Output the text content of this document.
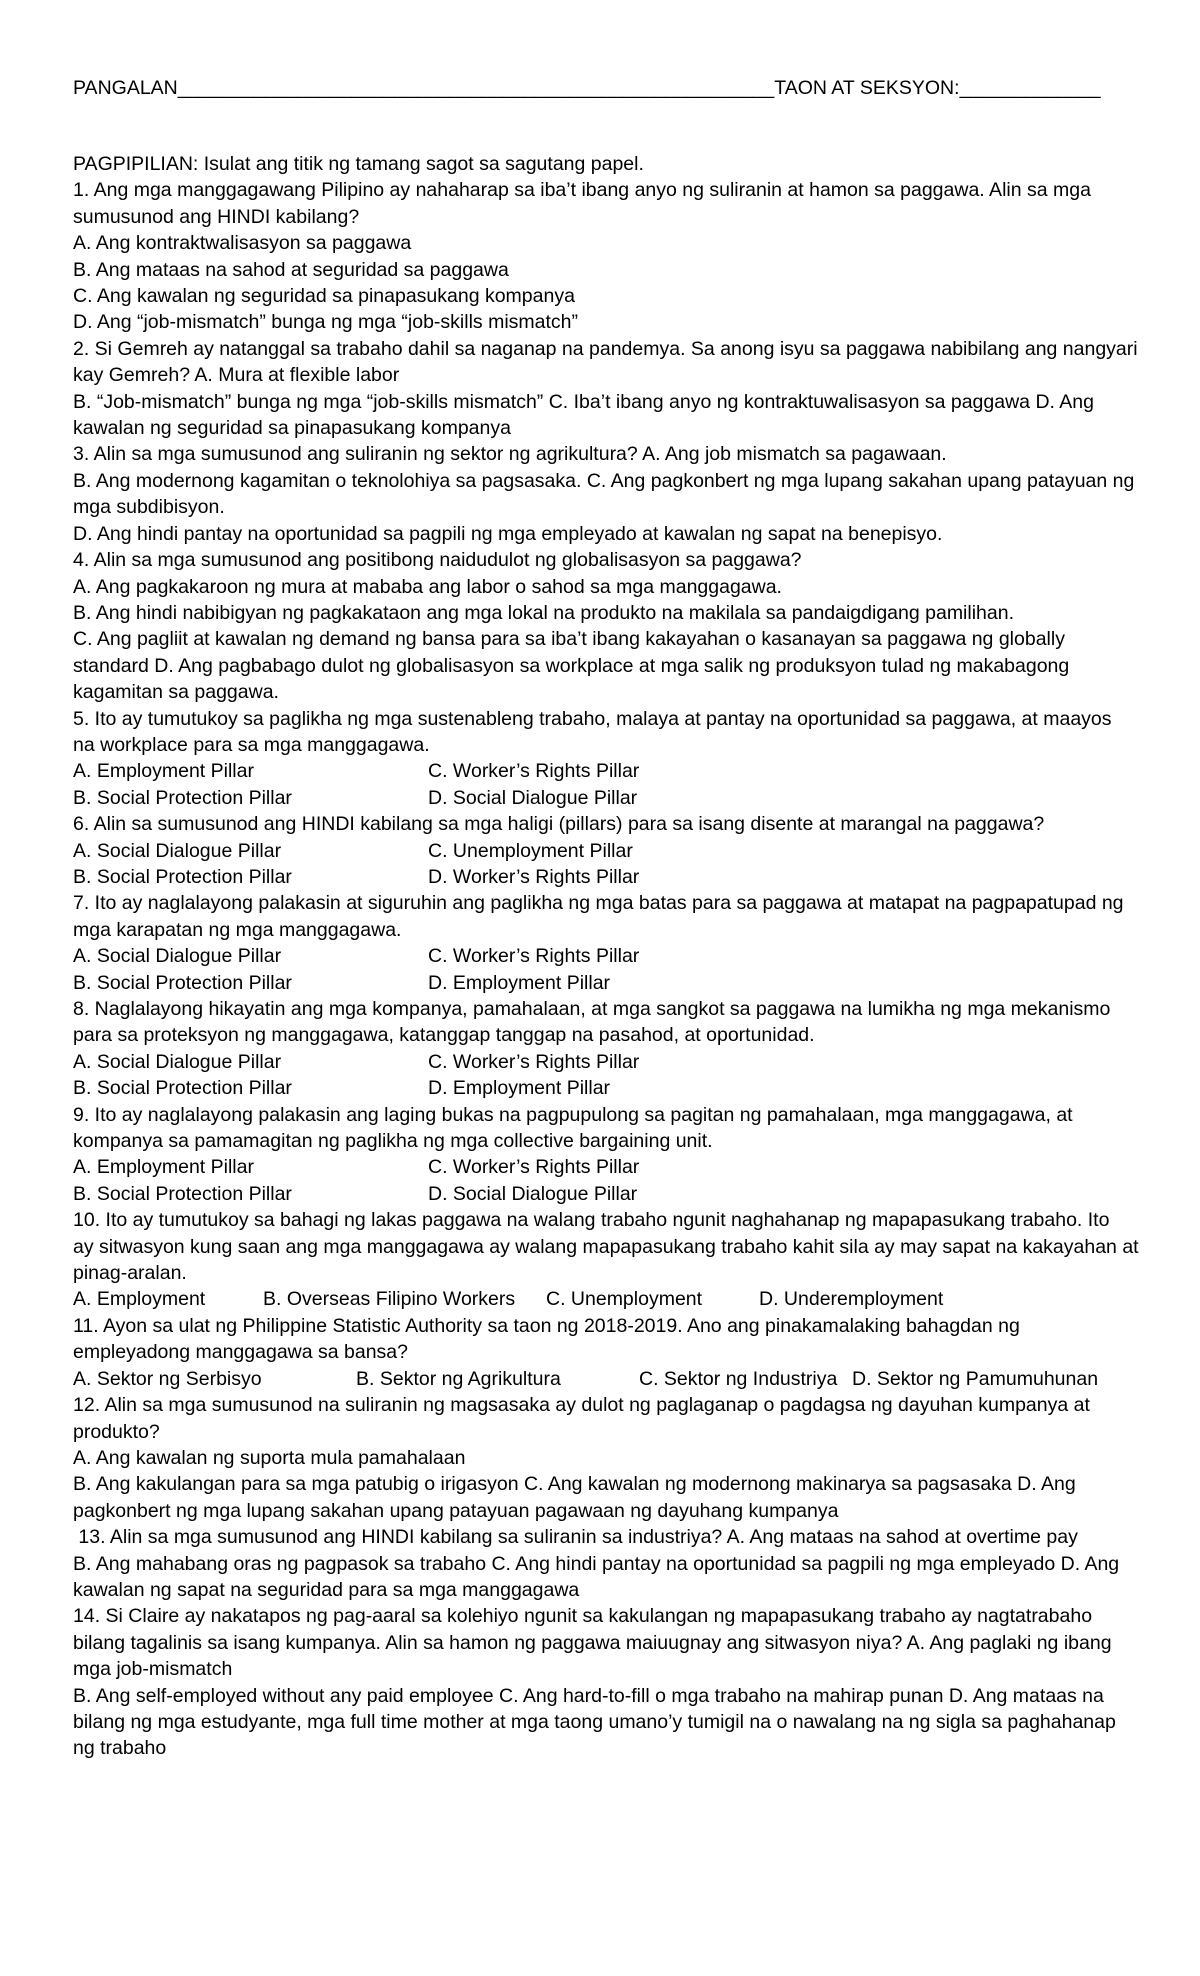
PANGALAN_______________________________________________________TAON AT SEKSYON:_____________
PAGPIPILIAN: Isulat ang titik ng tamang sagot sa sagutang papel.
1. Ang mga manggagawang Pilipino ay nahaharap sa iba’t ibang anyo ng suliranin at hamon sa paggawa. Alin sa mga
sumusunod ang HINDI kabilang?
A. Ang kontraktwalisasyon sa paggawa
B. Ang mataas na sahod at seguridad sa paggawa
C. Ang kawalan ng seguridad sa pinapasukang kompanya
D. Ang “job-mismatch” bunga ng mga “job-skills mismatch”
2. Si Gemreh ay natanggal sa trabaho dahil sa naganap na pandemya. Sa anong isyu sa paggawa nabibilang ang nangyari
kay Gemreh? A. Mura at flexible labor
B. “Job-mismatch” bunga ng mga “job-skills mismatch” C. Iba’t ibang anyo ng kontraktuwalisasyon sa paggawa D. Ang
kawalan ng seguridad sa pinapasukang kompanya
3. Alin sa mga sumusunod ang suliranin ng sektor ng agrikultura? A. Ang job mismatch sa pagawaan.
B. Ang modernong kagamitan o teknolohiya sa pagsasaka. C. Ang pagkonbert ng mga lupang sakahan upang patayuan ng
mga subdibisyon.
D. Ang hindi pantay na oportunidad sa pagpili ng mga empleyado at kawalan ng sapat na benepisyo.
4. Alin sa mga sumusunod ang positibong naidudulot ng globalisasyon sa paggawa?
A. Ang pagkakaroon ng mura at mababa ang labor o sahod sa mga manggagawa.
B. Ang hindi nabibigyan ng pagkakataon ang mga lokal na produkto na makilala sa pandaigdigang pamilihan.
C. Ang pagliit at kawalan ng demand ng bansa para sa iba’t ibang kakayahan o kasanayan sa paggawa ng globally
standard D. Ang pagbabago dulot ng globalisasyon sa workplace at mga salik ng produksyon tulad ng makabagong
kagamitan sa paggawa.
5. Ito ay tumutukoy sa paglikha ng mga sustenableng trabaho, malaya at pantay na oportunidad sa paggawa, at maayos
na workplace para sa mga manggagawa.
A. Employment Pillar	C. Worker’s Rights Pillar
B. Social Protection Pillar	D. Social Dialogue Pillar
6. Alin sa sumusunod ang HINDI kabilang sa mga haligi (pillars) para sa isang disente at marangal na paggawa?
A. Social Dialogue Pillar	C. Unemployment Pillar
B. Social Protection Pillar	D. Worker’s Rights Pillar
7. Ito ay naglalayong palakasin at siguruhin ang paglikha ng mga batas para sa paggawa at matapat na pagpapatupad ng
mga karapatan ng mga manggagawa.
A. Social Dialogue Pillar	C. Worker’s Rights Pillar
B. Social Protection Pillar	D. Employment Pillar
8. Naglalayong hikayatin ang mga kompanya, pamahalaan, at mga sangkot sa paggawa na lumikha ng mga mekanismo
para sa proteksyon ng manggagawa, katanggap tanggap na pasahod, at oportunidad.
A. Social Dialogue Pillar	C. Worker’s Rights Pillar
B. Social Protection Pillar	D. Employment Pillar
9. Ito ay naglalayong palakasin ang laging bukas na pagpupulong sa pagitan ng pamahalaan, mga manggagawa, at
kompanya sa pamamagitan ng paglikha ng mga collective bargaining unit.
A. Employment Pillar	C. Worker’s Rights Pillar
B. Social Protection Pillar	D. Social Dialogue Pillar
10. Ito ay tumutukoy sa bahagi ng lakas paggawa na walang trabaho ngunit naghahanap ng mapapasukang trabaho. Ito
ay sitwasyon kung saan ang mga manggagawa ay walang mapapasukang trabaho kahit sila ay may sapat na kakayahan at
pinag-aralan.
A. Employment	B. Overseas Filipino Workers C. Unemployment	D. Underemployment
11. Ayon sa ulat ng Philippine Statistic Authority sa taon ng 2018-2019. Ano ang pinakamalaking bahagdan ng
empleyadong manggagawa sa bansa?
A. Sektor ng Serbisyo	B. Sektor ng Agrikultura	C. Sektor ng Industriya D. Sektor ng Pamumuhunan
12. Alin sa mga sumusunod na suliranin ng magsasaka ay dulot ng paglaganap o pagdagsa ng dayuhan kumpanya at
produkto?
A. Ang kawalan ng suporta mula pamahalaan
B. Ang kakulangan para sa mga patubig o irigasyon C. Ang kawalan ng modernong makinarya sa pagsasaka D. Ang
pagkonbert ng mga lupang sakahan upang patayuan pagawaan ng dayuhang kumpanya
13. Alin sa mga sumusunod ang HINDI kabilang sa suliranin sa industriya? A. Ang mataas na sahod at overtime pay
B. Ang mahabang oras ng pagpasok sa trabaho C. Ang hindi pantay na oportunidad sa pagpili ng mga empleyado D. Ang
kawalan ng sapat na seguridad para sa mga manggagawa
14. Si Claire ay nakatapos ng pag-aaral sa kolehiyo ngunit sa kakulangan ng mapapasukang trabaho ay nagtatrabaho
bilang tagalinis sa isang kumpanya. Alin sa hamon ng paggawa maiuugnay ang sitwasyon niya? A. Ang paglaki ng ibang
mga job-mismatch
B. Ang self-employed without any paid employee C. Ang hard-to-fill o mga trabaho na mahirap punan D. Ang mataas na
bilang ng mga estudyante, mga full time mother at mga taong umano’y tumigil na o nawalang na ng sigla sa paghahanap
ng trabaho
